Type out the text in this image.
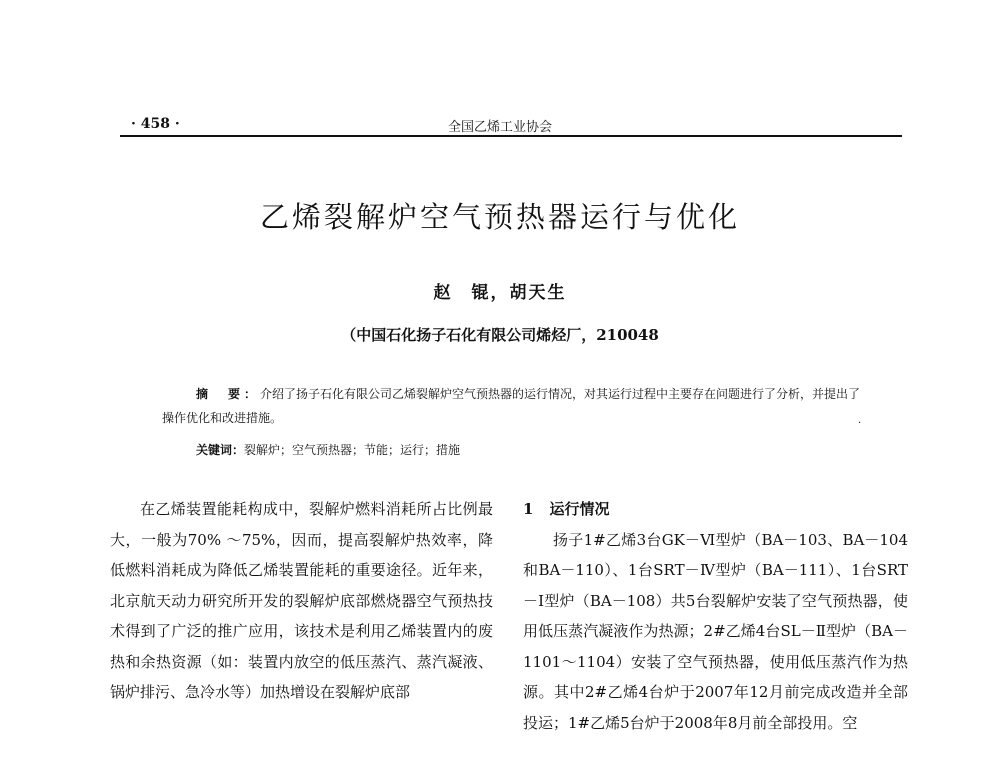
· 458 ·	全国乙烯工业协会
乙烯裂解炉空气预热器运行与优化
赵　锟，胡天生
（中国石化扬子石化有限公司烯烃厂，210048
摘　要：介绍了扬子石化有限公司乙烯裂解炉空气预热器的运行情况，对其运行过程中主要存在问题进行了分析，并提出了操作优化和改进措施。	·
关键词：裂解炉；空气预热器；节能；运行；措施

在乙烯装置能耗构成中，裂解炉燃料消耗所占比例最大，一般为70% ～75%，因而，提高裂解炉热效率，降低燃料消耗成为降低乙烯装置能耗的重要途径。近年来，北京航天动力研究所开发的裂解炉底部燃烧器空气预热技术得到了广泛的推广应用，该技术是利用乙烯装置内的废热和余热资源（如：装置内放空的低压蒸汽、蒸汽凝液、锅炉排污、急冷水等）加热增设在裂解炉底部

1 运行情况

扬子1#乙烯3台GK－Ⅵ型炉（BA－103、BA－104和BA－110）、1台SRT－Ⅳ型炉（BA－111）、1台SRT－Ⅰ型炉（BA－108）共5台裂解炉安装了空气预热器，使用低压蒸汽凝液作为热源；2#乙烯4台SL－Ⅱ型炉（BA－1101～1104）安装了空气预热器，使用低压蒸汽作为热源。其中2#乙烯4台炉于2007年12月前完成改造并全部投运；1#乙烯5台炉于2008年8月前全部投用。空
